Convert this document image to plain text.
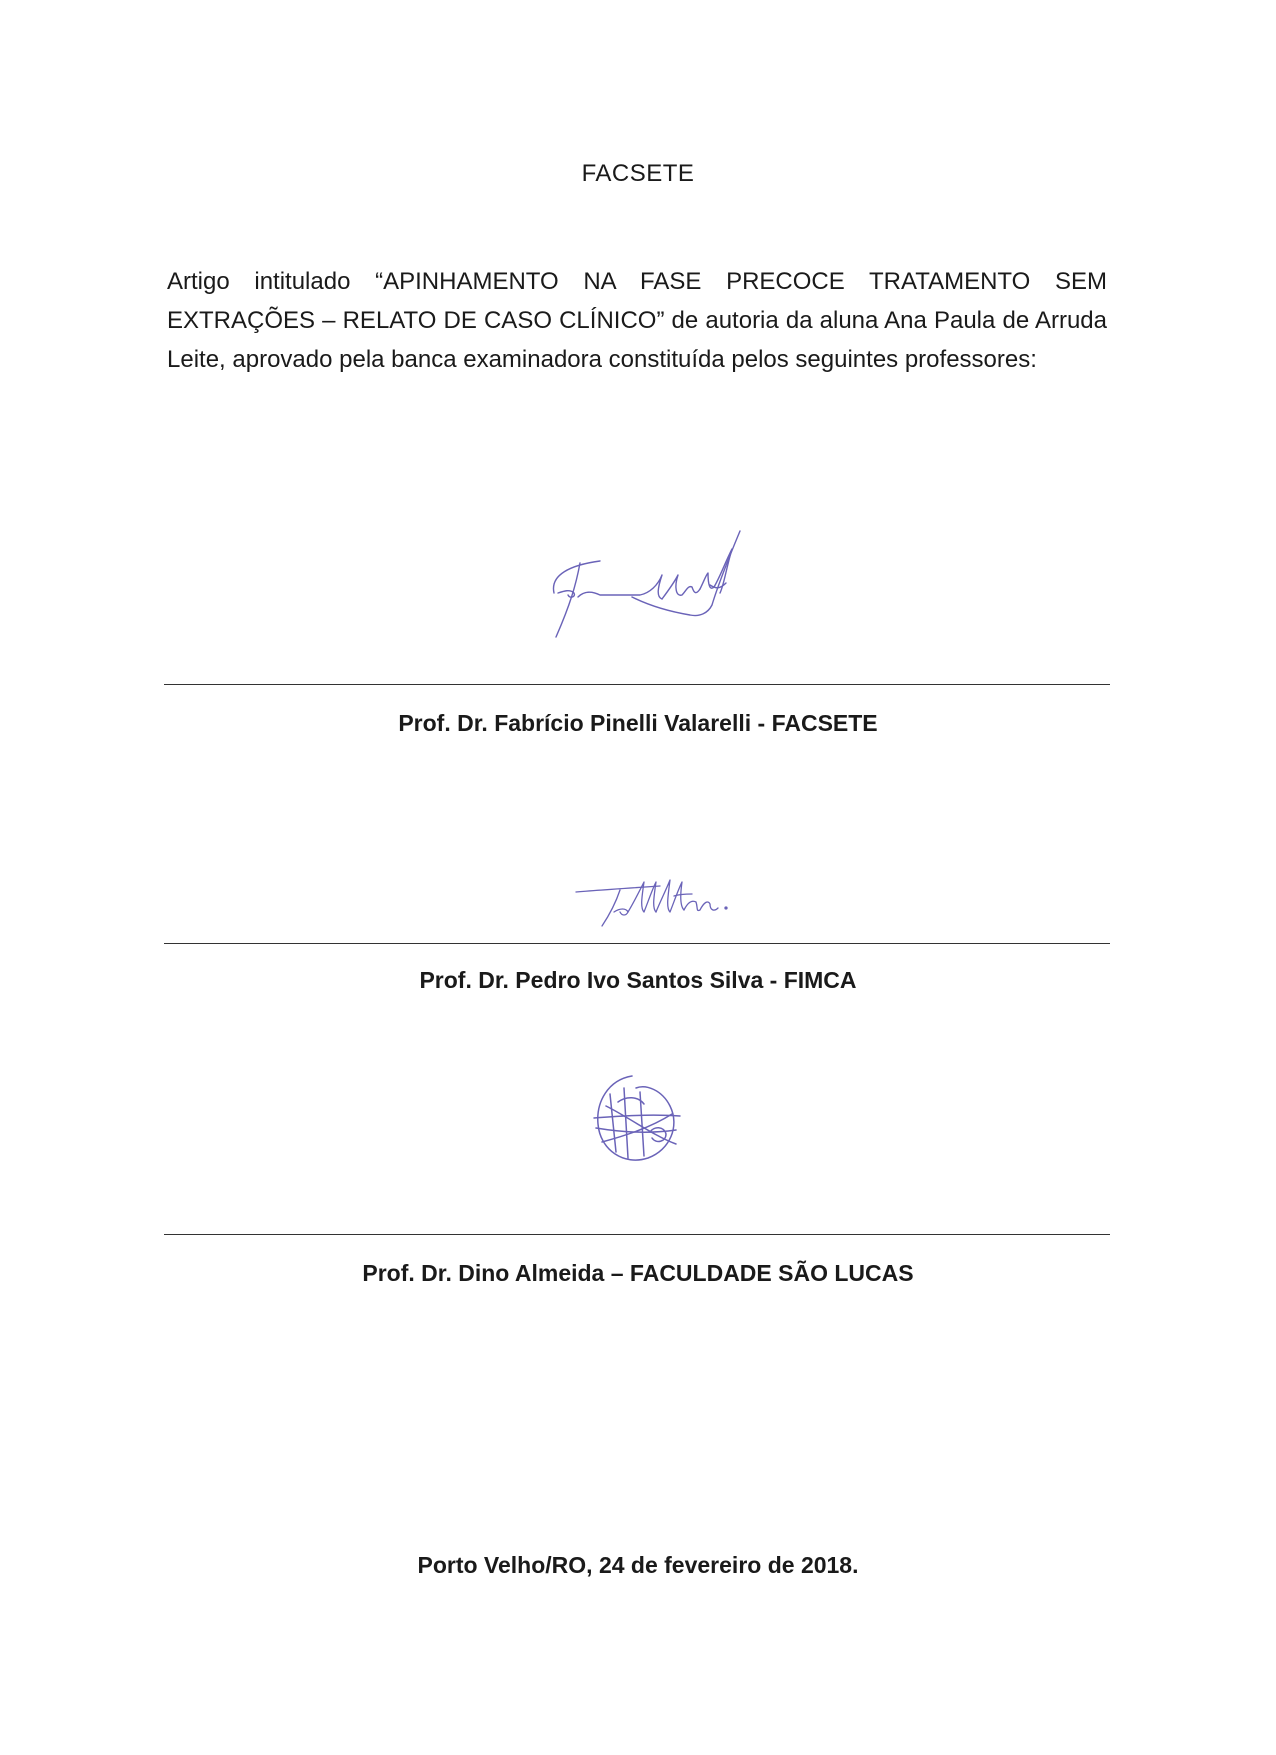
FACSETE
Artigo intitulado “APINHAMENTO NA FASE PRECOCE TRATAMENTO SEM EXTRAÇÕES – RELATO DE CASO CLÍNICO” de autoria da aluna Ana Paula de Arruda Leite, aprovado pela banca examinadora constituída pelos seguintes professores:
Prof. Dr. Fabrício Pinelli Valarelli - FACSETE
Prof. Dr. Pedro Ivo Santos Silva - FIMCA
Prof. Dr. Dino Almeida – FACULDADE SÃO LUCAS
Porto Velho/RO, 24 de fevereiro de 2018.
